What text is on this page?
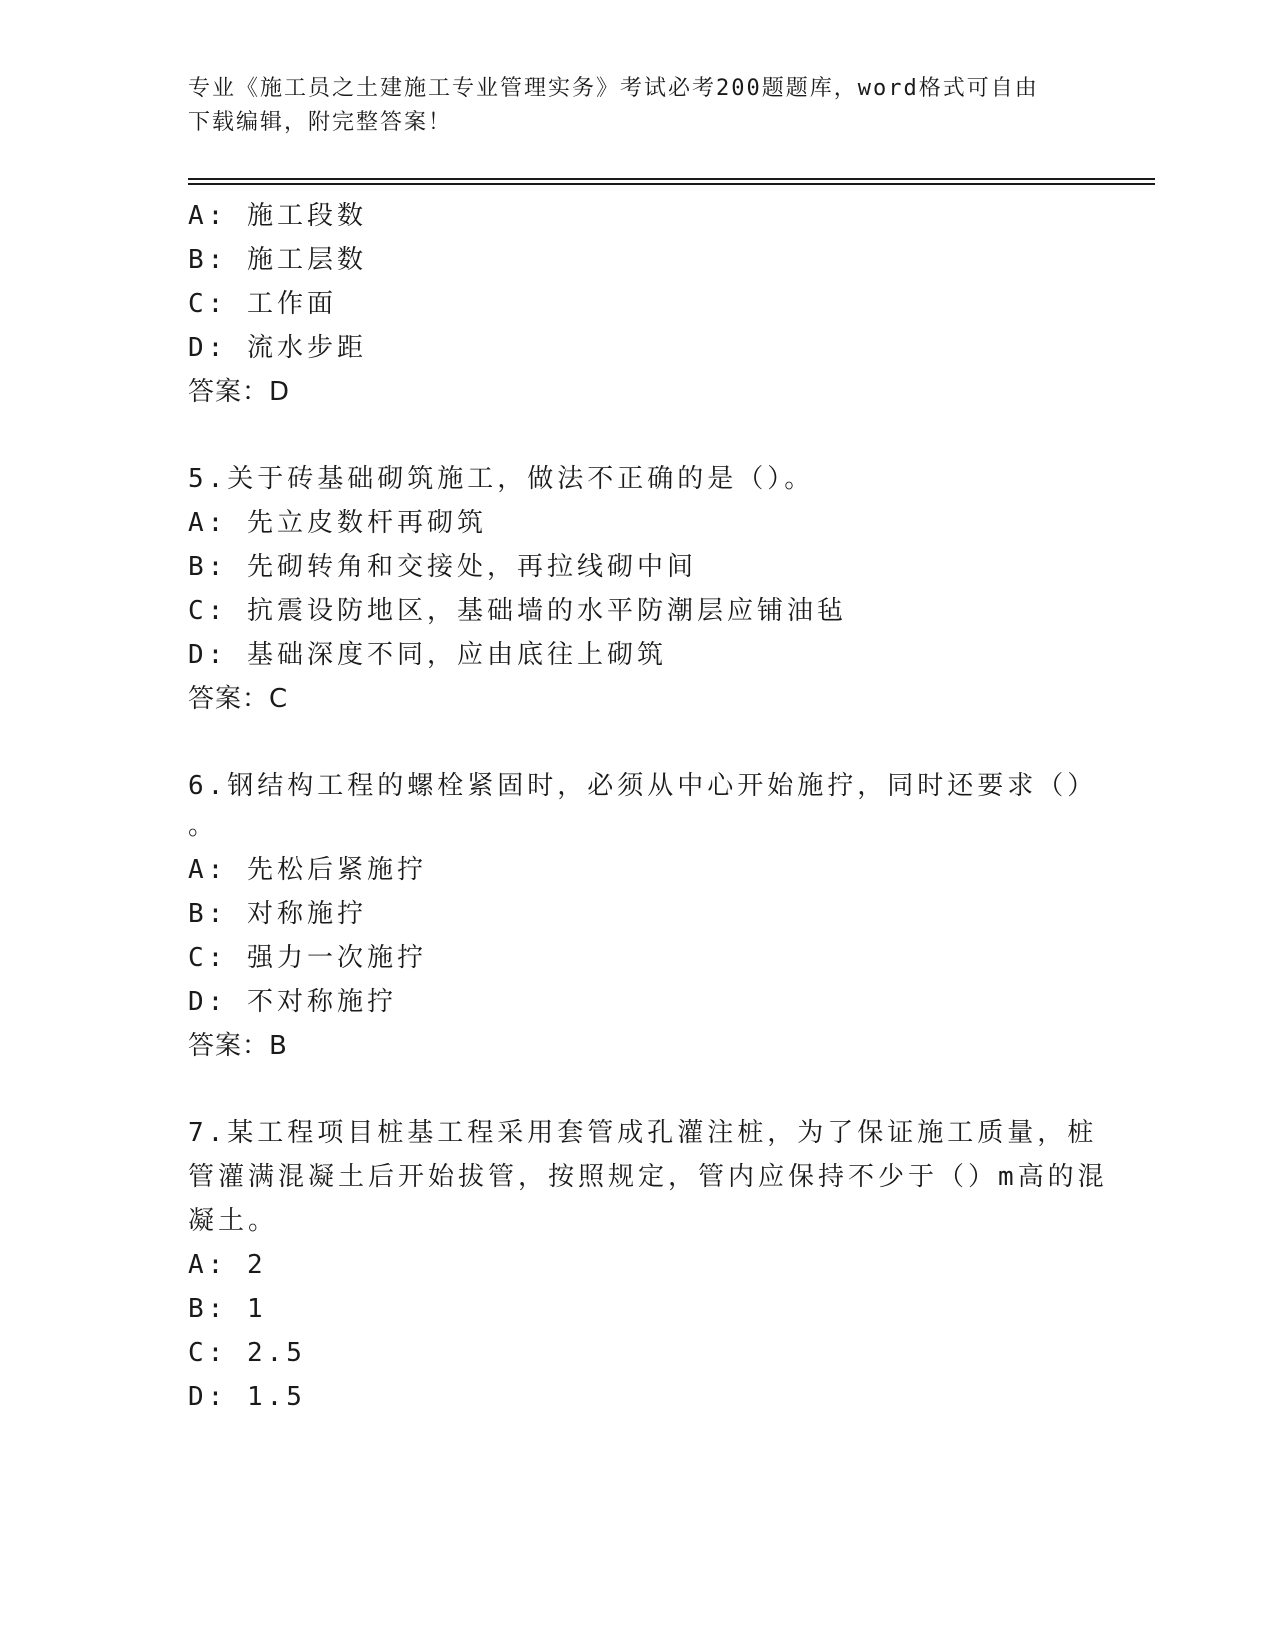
专业《施工员之土建施工专业管理实务》考试必考200题题库，word格式可自由
下载编辑，附完整答案！
A: 施工段数
B: 施工层数
C: 工作面
D: 流水步距
答案：D
5.关于砖基础砌筑施工，做法不正确的是（）。
A: 先立皮数杆再砌筑
B: 先砌转角和交接处，再拉线砌中间
C: 抗震设防地区，基础墙的水平防潮层应铺油毡
D: 基础深度不同，应由底往上砌筑
答案：C
6.钢结构工程的螺栓紧固时，必须从中心开始施拧，同时还要求（）
。
A: 先松后紧施拧
B: 对称施拧
C: 强力一次施拧
D: 不对称施拧
答案：B
7.某工程项目桩基工程采用套管成孔灌注桩，为了保证施工质量，桩
管灌满混凝土后开始拔管，按照规定，管内应保持不少于（）m高的混
凝土。
A: 2
B: 1
C: 2.5
D: 1.5
